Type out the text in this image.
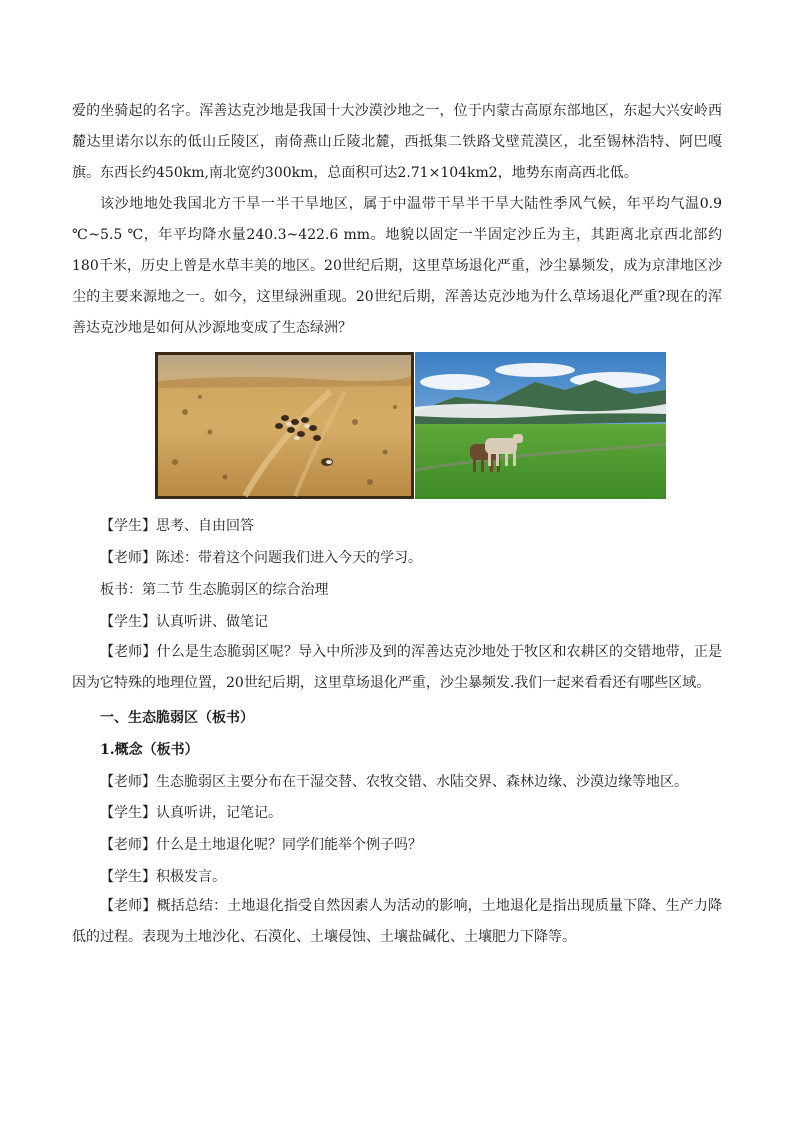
爱的坐骑起的名字。浑善达克沙地是我国十大沙漠沙地之一，位于内蒙古高原东部地区，东起大兴安岭西麓达里诺尔以东的低山丘陵区，南倚燕山丘陵北麓，西抵集二铁路戈壁荒漠区，北至锡林浩特、阿巴嘎旗。东西长约450km,南北宽约300km，总面积可达2.71×104km2，地势东南高西北低。

该沙地地处我国北方干旱一半干旱地区，属于中温带干旱半干旱大陆性季风气候，年平均气温0.9 ℃~5.5 ℃，年平均降水量240.3~422.6 mm。地貌以固定一半固定沙丘为主，其距离北京西北部约180千米，历史上曾是水草丰美的地区。20世纪后期，这里草场退化严重，沙尘暴频发，成为京津地区沙尘的主要来源地之一。如今，这里绿洲重现。20世纪后期，浑善达克沙地为什么草场退化严重?现在的浑善达克沙地是如何从沙源地变成了生态绿洲？

【学生】思考、自由回答

【老师】陈述：带着这个问题我们进入今天的学习。

板书：第二节 生态脆弱区的综合治理

【学生】认真听讲、做笔记

【老师】什么是生态脆弱区呢？导入中所涉及到的浑善达克沙地处于牧区和农耕区的交错地带，正是因为它特殊的地理位置，20世纪后期，这里草场退化严重，沙尘暴频发.我们一起来看看还有哪些区域。

一、生态脆弱区（板书）

1.概念（板书）

【老师】生态脆弱区主要分布在干湿交替、农牧交错、水陆交界、森林边缘、沙漠边缘等地区。

【学生】认真听讲，记笔记。

【老师】什么是土地退化呢？同学们能举个例子吗？

【学生】积极发言。

【老师】概括总结：土地退化指受自然因素人为活动的影响，土地退化是指出现质量下降、生产力降低的过程。表现为土地沙化、石漠化、土壤侵蚀、土壤盐碱化、土壤肥力下降等。
